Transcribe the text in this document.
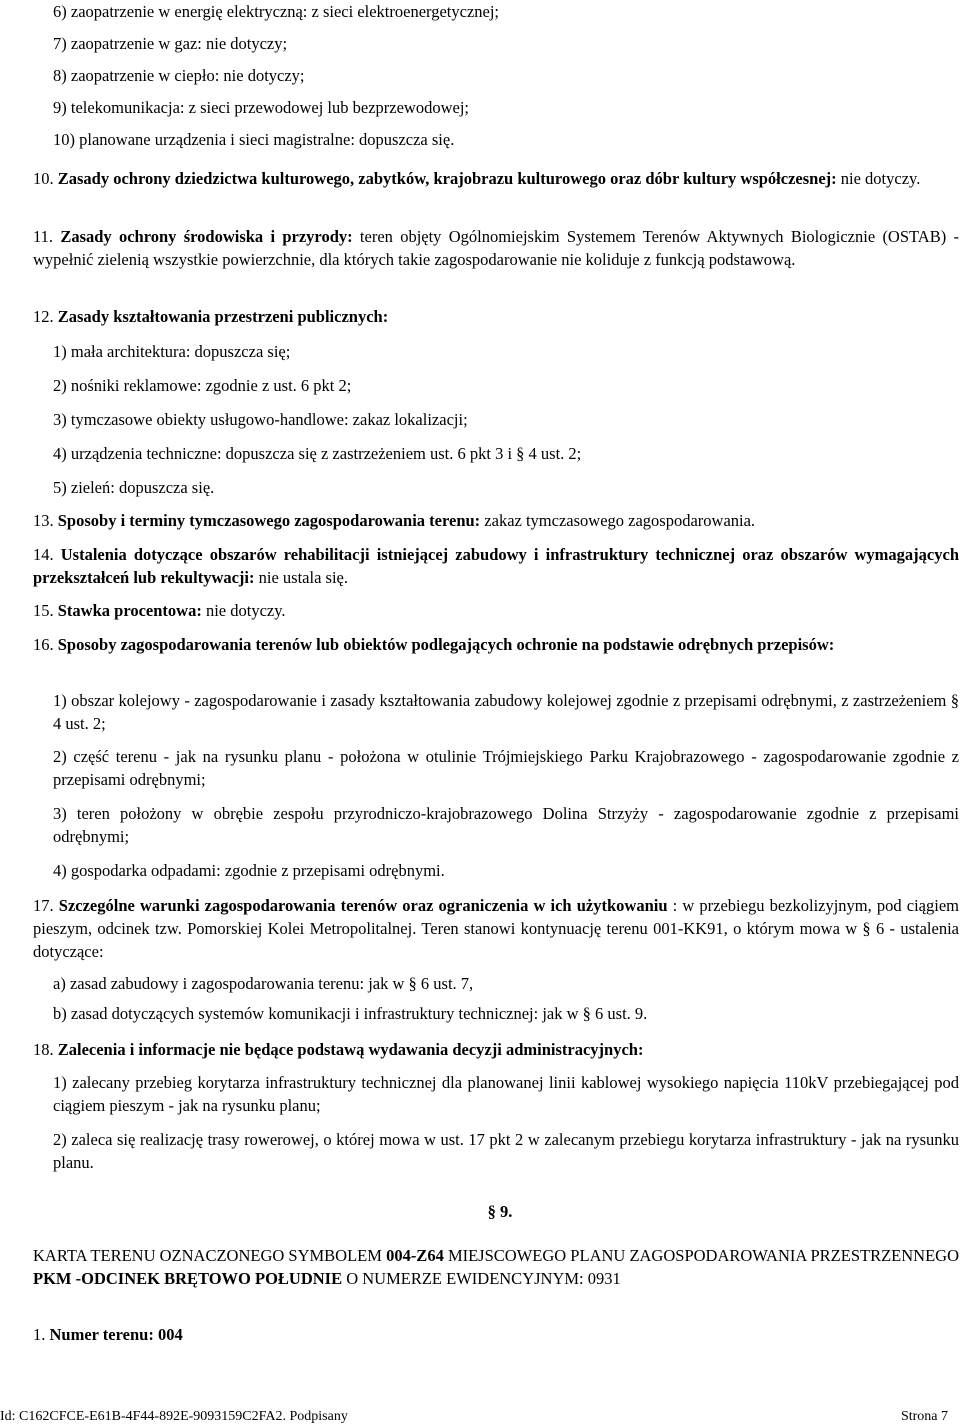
6) zaopatrzenie w energię elektryczną: z sieci elektroenergetycznej;
7) zaopatrzenie w gaz: nie dotyczy;
8) zaopatrzenie w ciepło: nie dotyczy;
9) telekomunikacja: z sieci przewodowej lub bezprzewodowej;
10) planowane urządzenia i sieci magistralne: dopuszcza się.
10. Zasady ochrony dziedzictwa kulturowego, zabytków, krajobrazu kulturowego oraz dóbr kultury współczesnej: nie dotyczy.
11. Zasady ochrony środowiska i przyrody: teren objęty Ogólnomiejskim Systemem Terenów Aktywnych Biologicznie (OSTAB) - wypełnić zielenią wszystkie powierzchnie, dla których takie zagospodarowanie nie koliduje z funkcją podstawową.
12. Zasady kształtowania przestrzeni publicznych:
1) mała architektura: dopuszcza się;
2) nośniki reklamowe: zgodnie z ust. 6 pkt 2;
3) tymczasowe obiekty usługowo-handlowe: zakaz lokalizacji;
4) urządzenia techniczne: dopuszcza się z zastrzeżeniem ust. 6 pkt 3 i § 4 ust. 2;
5) zieleń: dopuszcza się.
13. Sposoby i terminy tymczasowego zagospodarowania terenu: zakaz tymczasowego zagospodarowania.
14. Ustalenia dotyczące obszarów rehabilitacji istniejącej zabudowy i infrastruktury technicznej oraz obszarów wymagających przekształceń lub rekultywacji: nie ustala się.
15. Stawka procentowa: nie dotyczy.
16. Sposoby zagospodarowania terenów lub obiektów podlegających ochronie na podstawie odrębnych przepisów:
1) obszar kolejowy - zagospodarowanie i zasady kształtowania zabudowy kolejowej zgodnie z przepisami odrębnymi, z zastrzeżeniem § 4 ust. 2;
2) część terenu - jak na rysunku planu - położona w otulinie Trójmiejskiego Parku Krajobrazowego - zagospodarowanie zgodnie z przepisami odrębnymi;
3) teren położony w obrębie zespołu przyrodniczo-krajobrazowego Dolina Strzyży - zagospodarowanie zgodnie z przepisami odrębnymi;
4) gospodarka odpadami: zgodnie z przepisami odrębnymi.
17. Szczególne warunki zagospodarowania terenów oraz ograniczenia w ich użytkowaniu : w przebiegu bezkolizyjnym, pod ciągiem pieszym, odcinek tzw. Pomorskiej Kolei Metropolitalnej. Teren stanowi kontynuację terenu 001-KK91, o którym mowa w § 6 - ustalenia dotyczące:
a) zasad zabudowy i zagospodarowania terenu: jak w § 6 ust. 7,
b) zasad dotyczących systemów komunikacji i infrastruktury technicznej: jak w § 6 ust. 9.
18. Zalecenia i informacje nie będące podstawą wydawania decyzji administracyjnych:
1) zalecany przebieg korytarza infrastruktury technicznej dla planowanej linii kablowej wysokiego napięcia 110kV przebiegającej pod ciągiem pieszym - jak na rysunku planu;
2) zaleca się realizację trasy rowerowej, o której mowa w ust. 17 pkt 2 w zalecanym przebiegu korytarza infrastruktury - jak na rysunku planu.
§ 9.
KARTA TERENU OZNACZONEGO SYMBOLEM 004-Z64 MIEJSCOWEGO PLANU ZAGOSPODAROWANIA PRZESTRZENNEGO PKM -ODCINEK BRĘTOWO POŁUDNIE O NUMERZE EWIDENCYJNYM: 0931
1. Numer terenu: 004
Id: C162CFCE-E61B-4F44-892E-9093159C2FA2. Podpisany	Strona 7
